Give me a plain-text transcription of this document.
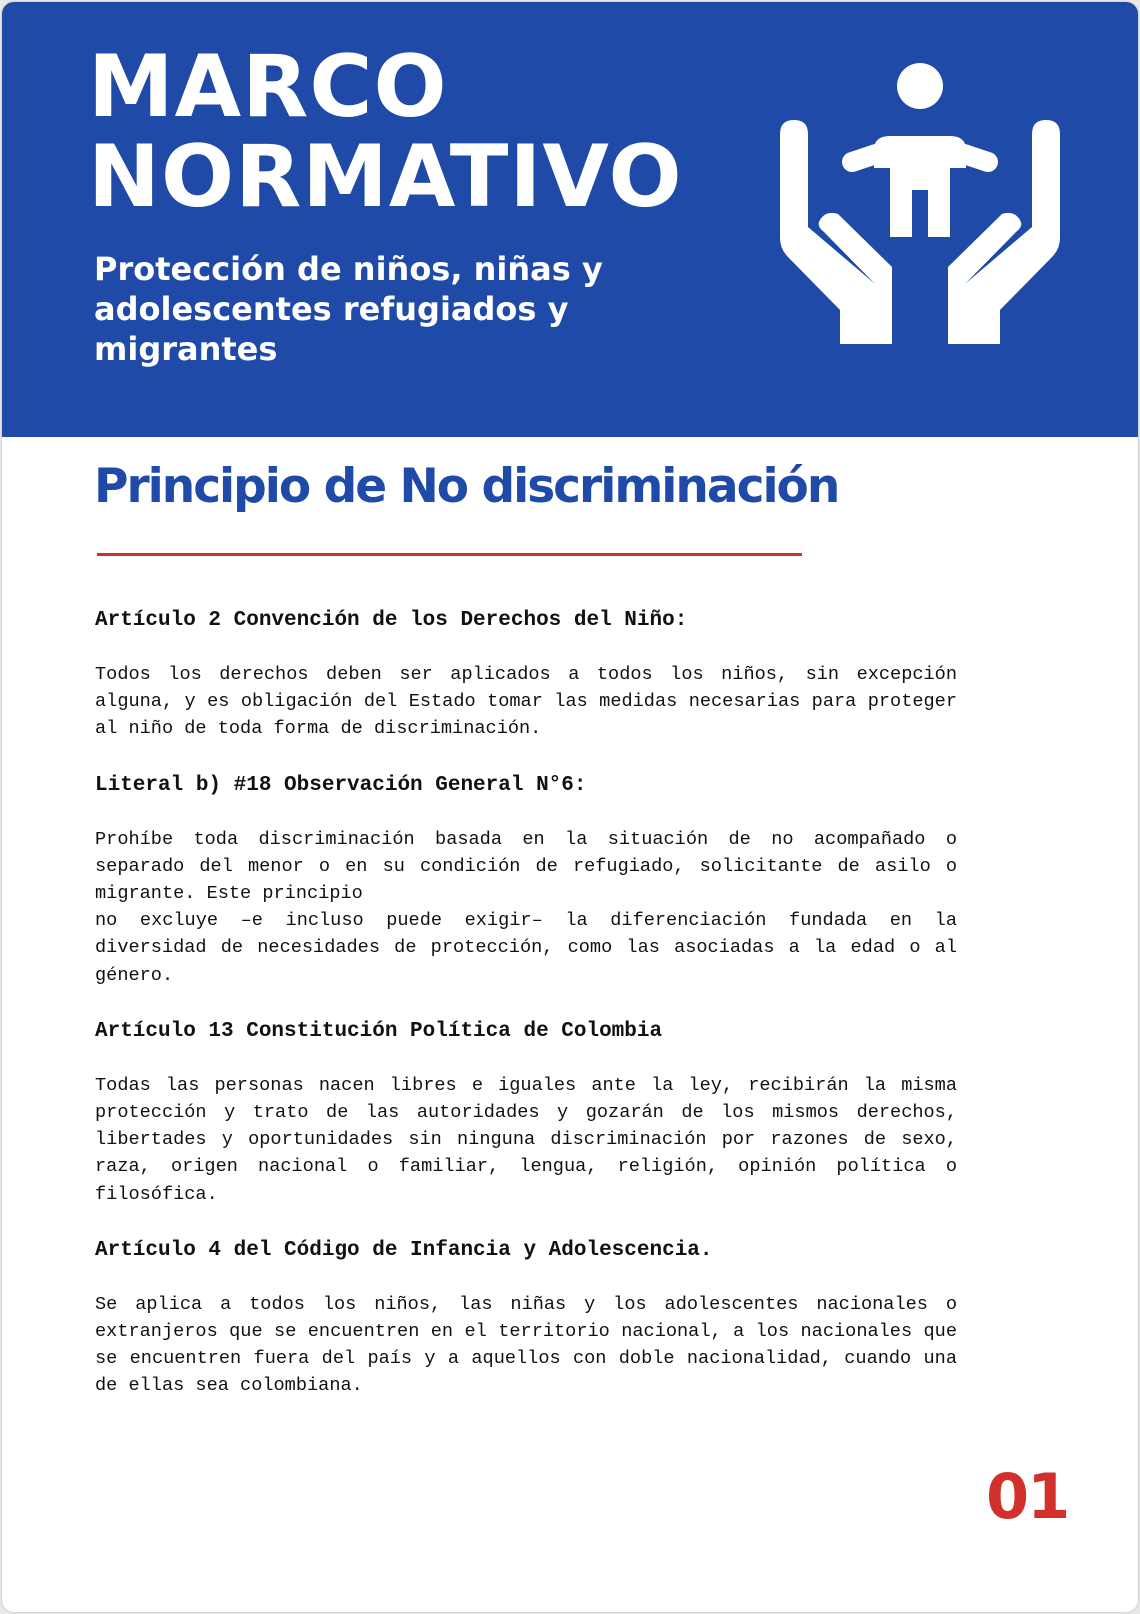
MARCO
NORMATIVO

Protección de niños, niñas y adolescentes refugiados y migrantes

Principio de No discriminación
Artículo 2 Convención de los Derechos del Niño:

Todos los derechos deben ser aplicados a todos los niños, sin excepción alguna, y es obligación del Estado tomar las medidas necesarias para proteger al niño de toda forma de discriminación.

Literal b) #18 Observación General N°6:

Prohíbe toda discriminación basada en la situación de no acompañado o separado del menor o en su condición de refugiado, solicitante de asilo o migrante. Este principio
no excluye –e incluso puede exigir– la diferenciación fundada en la diversidad de necesidades de protección, como las asociadas a la edad o al género.

Artículo 13 Constitución Política de Colombia

Todas las personas nacen libres e iguales ante la ley, recibirán la misma protección y trato de las autoridades y gozarán de los mismos derechos, libertades y oportunidades sin ninguna discriminación por razones de sexo, raza, origen nacional o familiar, lengua, religión, opinión política o filosófica.

Artículo 4 del Código de Infancia y Adolescencia.

Se aplica a todos los niños, las niñas y los adolescentes nacionales o extranjeros que se encuentren en el territorio nacional, a los nacionales que se encuentren fuera del país y a aquellos con doble nacionalidad, cuando una de ellas sea colombiana.

01
